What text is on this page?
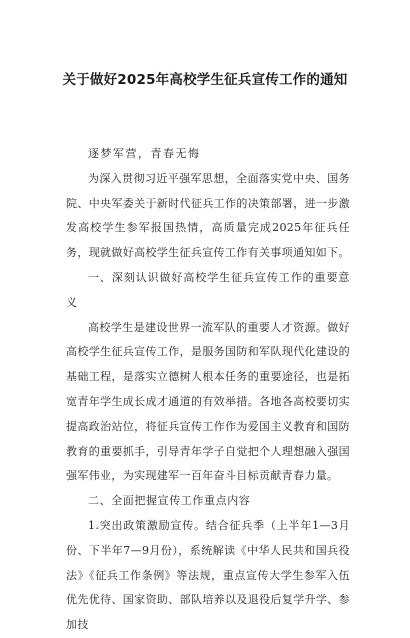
关于做好2025年高校学生征兵宣传工作的通知

逐梦军营，青春无悔

为深入贯彻习近平强军思想，全面落实党中央、国务院、中央军委关于新时代征兵工作的决策部署，进一步激发高校学生参军报国热情，高质量完成2025年征兵任务，现就做好高校学生征兵宣传工作有关事项通知如下。

一、深刻认识做好高校学生征兵宣传工作的重要意义

高校学生是建设世界一流军队的重要人才资源。做好高校学生征兵宣传工作，是服务国防和军队现代化建设的基础工程，是落实立德树人根本任务的重要途径，也是拓宽青年学生成长成才通道的有效举措。各地各高校要切实提高政治站位，将征兵宣传工作作为爱国主义教育和国防教育的重要抓手，引导青年学子自觉把个人理想融入强国强军伟业，为实现建军一百年奋斗目标贡献青春力量。

二、全面把握宣传工作重点内容

1.突出政策激励宣传。结合征兵季（上半年1—3月份、下半年7—9月份），系统解读《中华人民共和国兵役法》《征兵工作条例》等法规，重点宣传大学生参军入伍优先优待、国家资助、部队培养以及退役后复学升学、参加技
